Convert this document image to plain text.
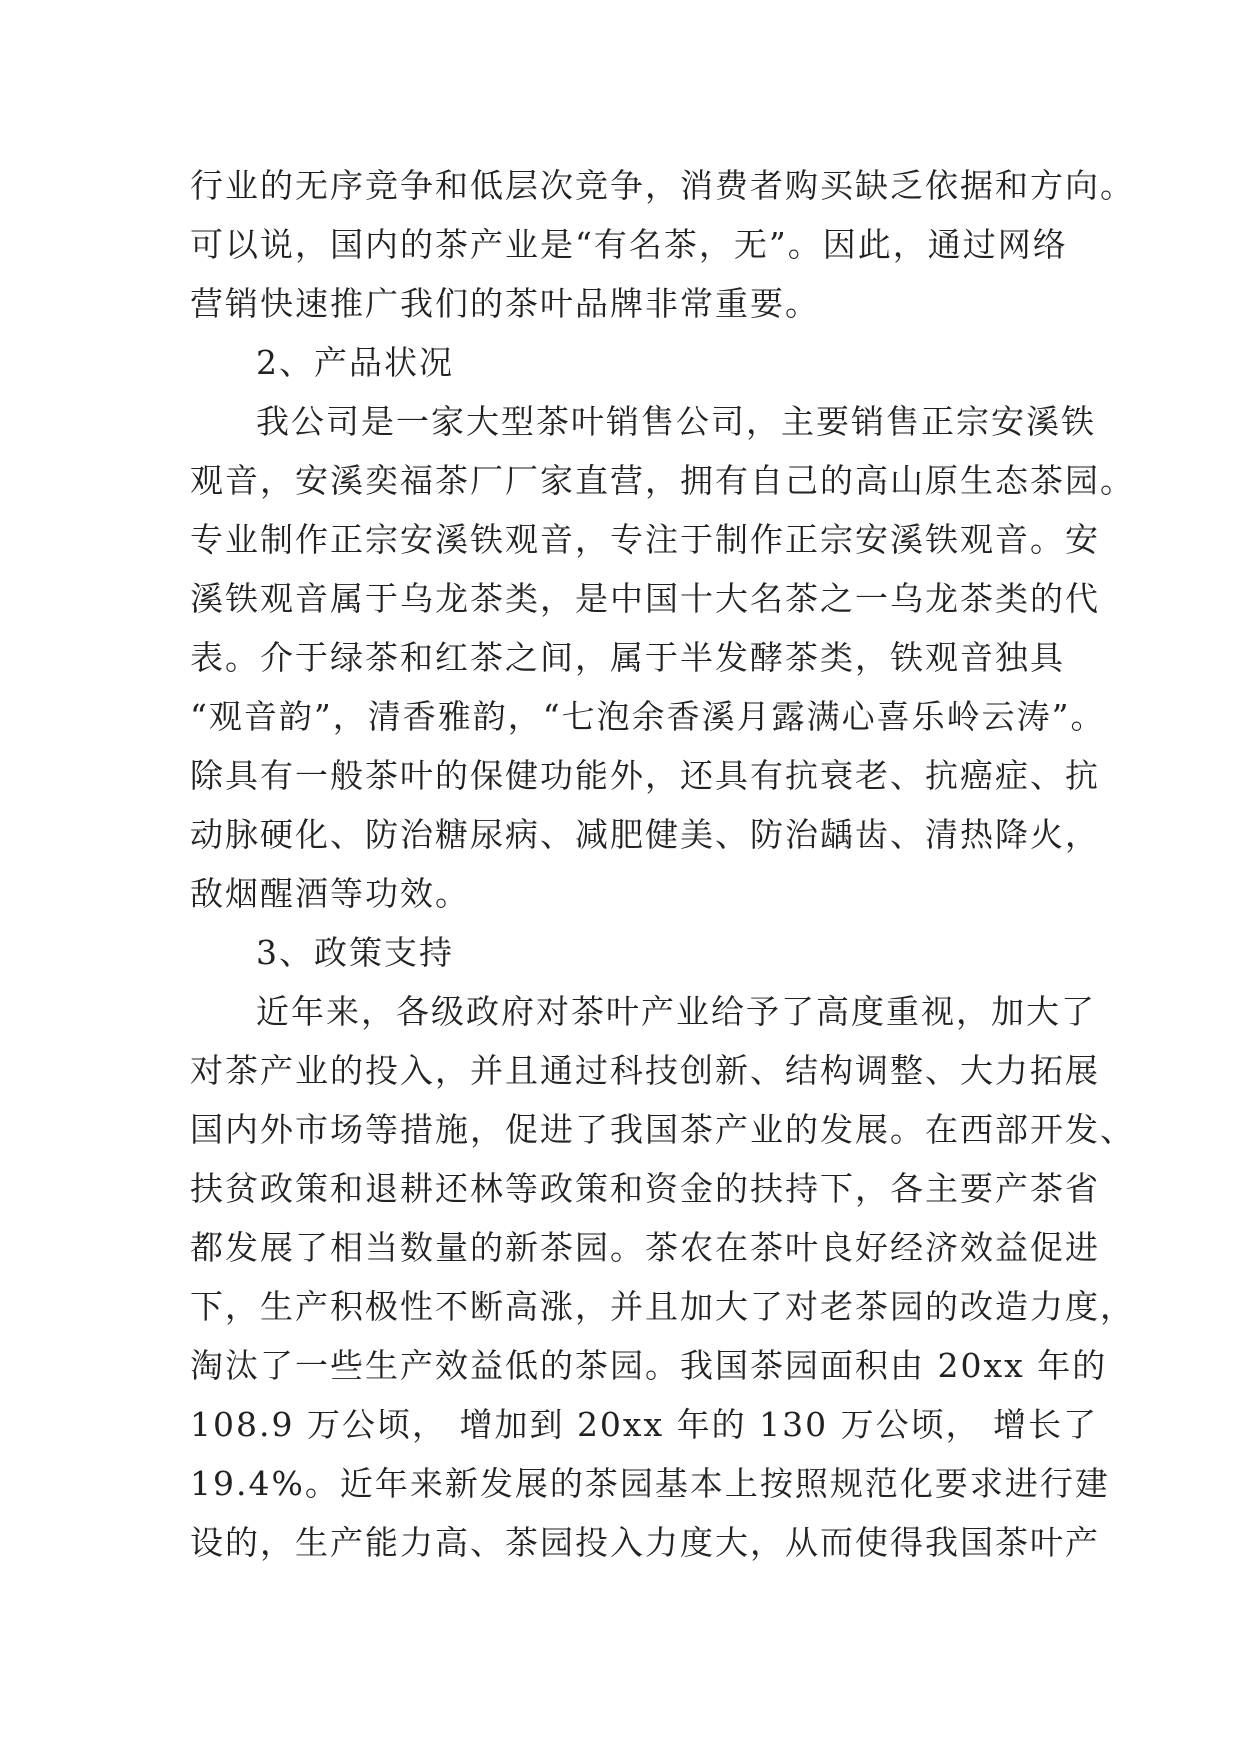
行业的无序竞争和低层次竞争，消费者购买缺乏依据和方向。
可以说，国内的茶产业是“有名茶，无”。因此，通过网络
营销快速推广我们的茶叶品牌非常重要。
2、产品状况
我公司是一家大型茶叶销售公司，主要销售正宗安溪铁
观音，安溪奕福茶厂厂家直营，拥有自己的高山原生态茶园。
专业制作正宗安溪铁观音，专注于制作正宗安溪铁观音。安
溪铁观音属于乌龙茶类，是中国十大名茶之一乌龙茶类的代
表。介于绿茶和红茶之间，属于半发酵茶类，铁观音独具
“观音韵”，清香雅韵，“七泡余香溪月露满心喜乐岭云涛”。
除具有一般茶叶的保健功能外，还具有抗衰老、抗癌症、抗
动脉硬化、防治糖尿病、减肥健美、防治龋齿、清热降火，
敌烟醒酒等功效。
3、政策支持
近年来，各级政府对茶叶产业给予了高度重视，加大了
对茶产业的投入，并且通过科技创新、结构调整、大力拓展
国内外市场等措施，促进了我国茶产业的发展。在西部开发、
扶贫政策和退耕还林等政策和资金的扶持下，各主要产茶省
都发展了相当数量的新茶园。茶农在茶叶良好经济效益促进
下，生产积极性不断高涨，并且加大了对老茶园的改造力度，
淘汰了一些生产效益低的茶园。我国茶园面积由 20xx 年的
108.9 万公顷， 增加到 20xx 年的 130 万公顷， 增长了
19.4%。近年来新发展的茶园基本上按照规范化要求进行建
设的，生产能力高、茶园投入力度大，从而使得我国茶叶产
